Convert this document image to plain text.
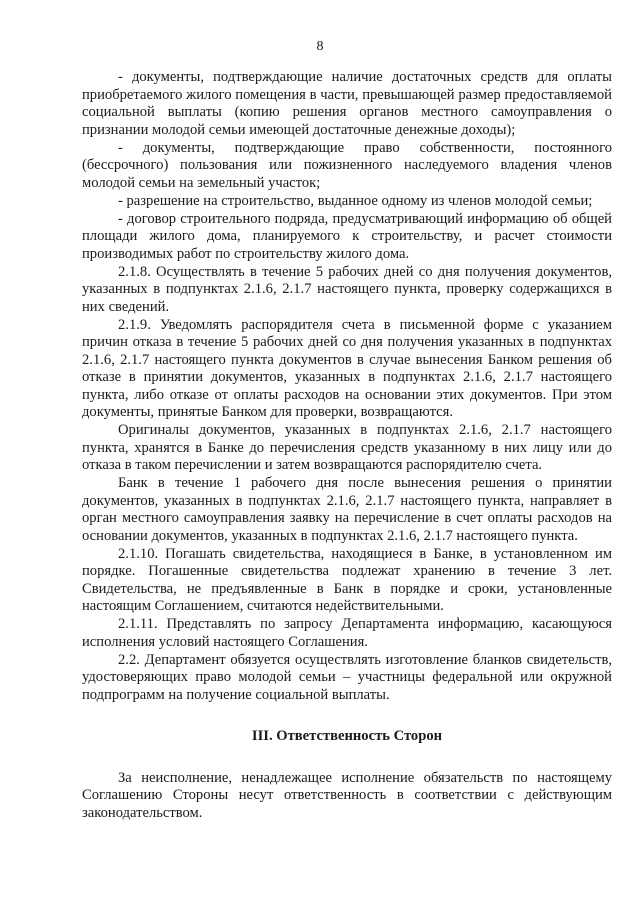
8

- документы, подтверждающие наличие достаточных средств для оплаты приобретаемого жилого помещения в части, превышающей размер предоставляемой социальной выплаты (копию решения органов местного самоуправления о признании молодой семьи имеющей достаточные денежные доходы);

- документы, подтверждающие право собственности, постоянного (бессрочного) пользования или пожизненного наследуемого владения членов молодой семьи на земельный участок;

- разрешение на строительство, выданное одному из членов молодой семьи;

- договор строительного подряда, предусматривающий информацию об общей площади жилого дома, планируемого к строительству, и расчет стоимости производимых работ по строительству жилого дома.

2.1.8. Осуществлять в течение 5 рабочих дней со дня получения документов, указанных в подпунктах 2.1.6, 2.1.7 настоящего пункта, проверку содержащихся в них сведений.

2.1.9. Уведомлять распорядителя счета в письменной форме с указанием причин отказа в течение 5 рабочих дней со дня получения указанных в подпунктах 2.1.6, 2.1.7 настоящего пункта документов в случае вынесения Банком решения об отказе в принятии документов, указанных в подпунктах 2.1.6, 2.1.7 настоящего пункта, либо отказе от оплаты расходов на основании этих документов. При этом документы, принятые Банком для проверки, возвращаются.

Оригиналы документов, указанных в подпунктах 2.1.6, 2.1.7 настоящего пункта, хранятся в Банке до перечисления средств указанному в них лицу или до отказа в таком перечислении и затем возвращаются распорядителю счета.

Банк в течение 1 рабочего дня после вынесения решения о принятии документов, указанных в подпунктах 2.1.6, 2.1.7 настоящего пункта, направляет в орган местного самоуправления заявку на перечисление в счет оплаты расходов на основании документов, указанных в подпунктах 2.1.6, 2.1.7 настоящего пункта.

2.1.10. Погашать свидетельства, находящиеся в Банке, в установленном им порядке. Погашенные свидетельства подлежат хранению в течение 3 лет. Свидетельства, не предъявленные в Банк в порядке и сроки, установленные настоящим Соглашением, считаются недействительными.

2.1.11. Представлять по запросу Департамента информацию, касающуюся исполнения условий настоящего Соглашения.

2.2. Департамент обязуется осуществлять изготовление бланков свидетельств, удостоверяющих право молодой семьи – участницы федеральной или окружной подпрограмм на получение социальной выплаты.

III. Ответственность Сторон

За неисполнение, ненадлежащее исполнение обязательств по настоящему Соглашению Стороны несут ответственность в соответствии с действующим законодательством.
